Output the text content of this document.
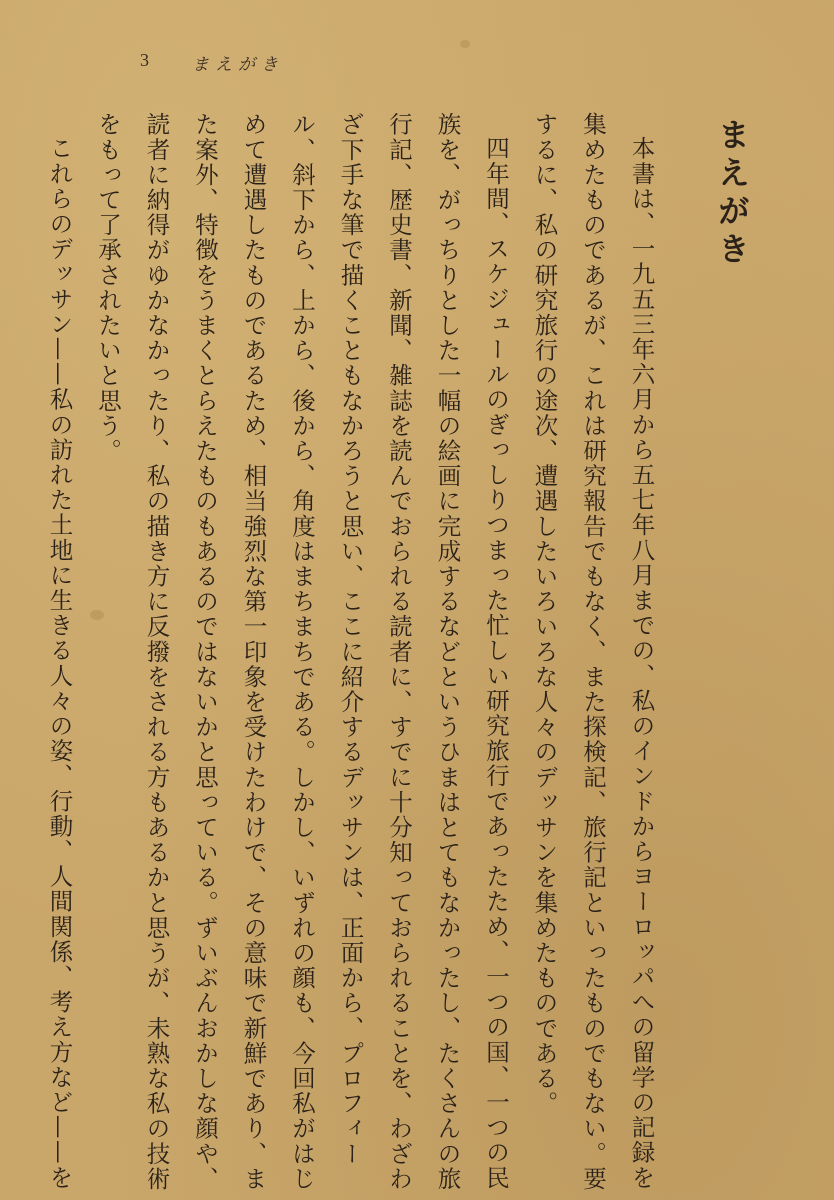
3	まえがき
まえがき

本書は、一九五三年六月から五七年八月までの、私のインドからヨーロッパへの留学の記録を集めたものであるが、これは研究報告でもなく、また探検記、旅行記といったものでもない。要するに、私の研究旅行の途次、遭遇したいろいろな人々のデッサンを集めたものである。

四年間、スケジュールのぎっしりつまった忙しい研究旅行であったため、一つの国、一つの民族を、がっちりとした一幅の絵画に完成するなどというひまはとてもなかったし、たくさんの旅行記、歴史書、新聞、雑誌を読んでおられる読者に、すでに十分知っておられることを、わざわざ下手な筆で描くこともなかろうと思い、ここに紹介するデッサンは、正面から、プロフィール、斜下から、上から、後から、角度はまちまちである。しかし、いずれの顔も、今回私がはじめて遭遇したものであるため、相当強烈な第一印象を受けたわけで、その意味で新鮮であり、また案外、特徴をうまくとらえたものもあるのではないかと思っている。ずいぶんおかしな顔や、読者に納得がゆかなかったり、私の描き方に反撥をされる方もあるかと思うが、未熟な私の技術をもって了承されたいと思う。

これらのデッサン——私の訪れた土地に生きる人々の姿、行動、人間関係、考え方など——を
